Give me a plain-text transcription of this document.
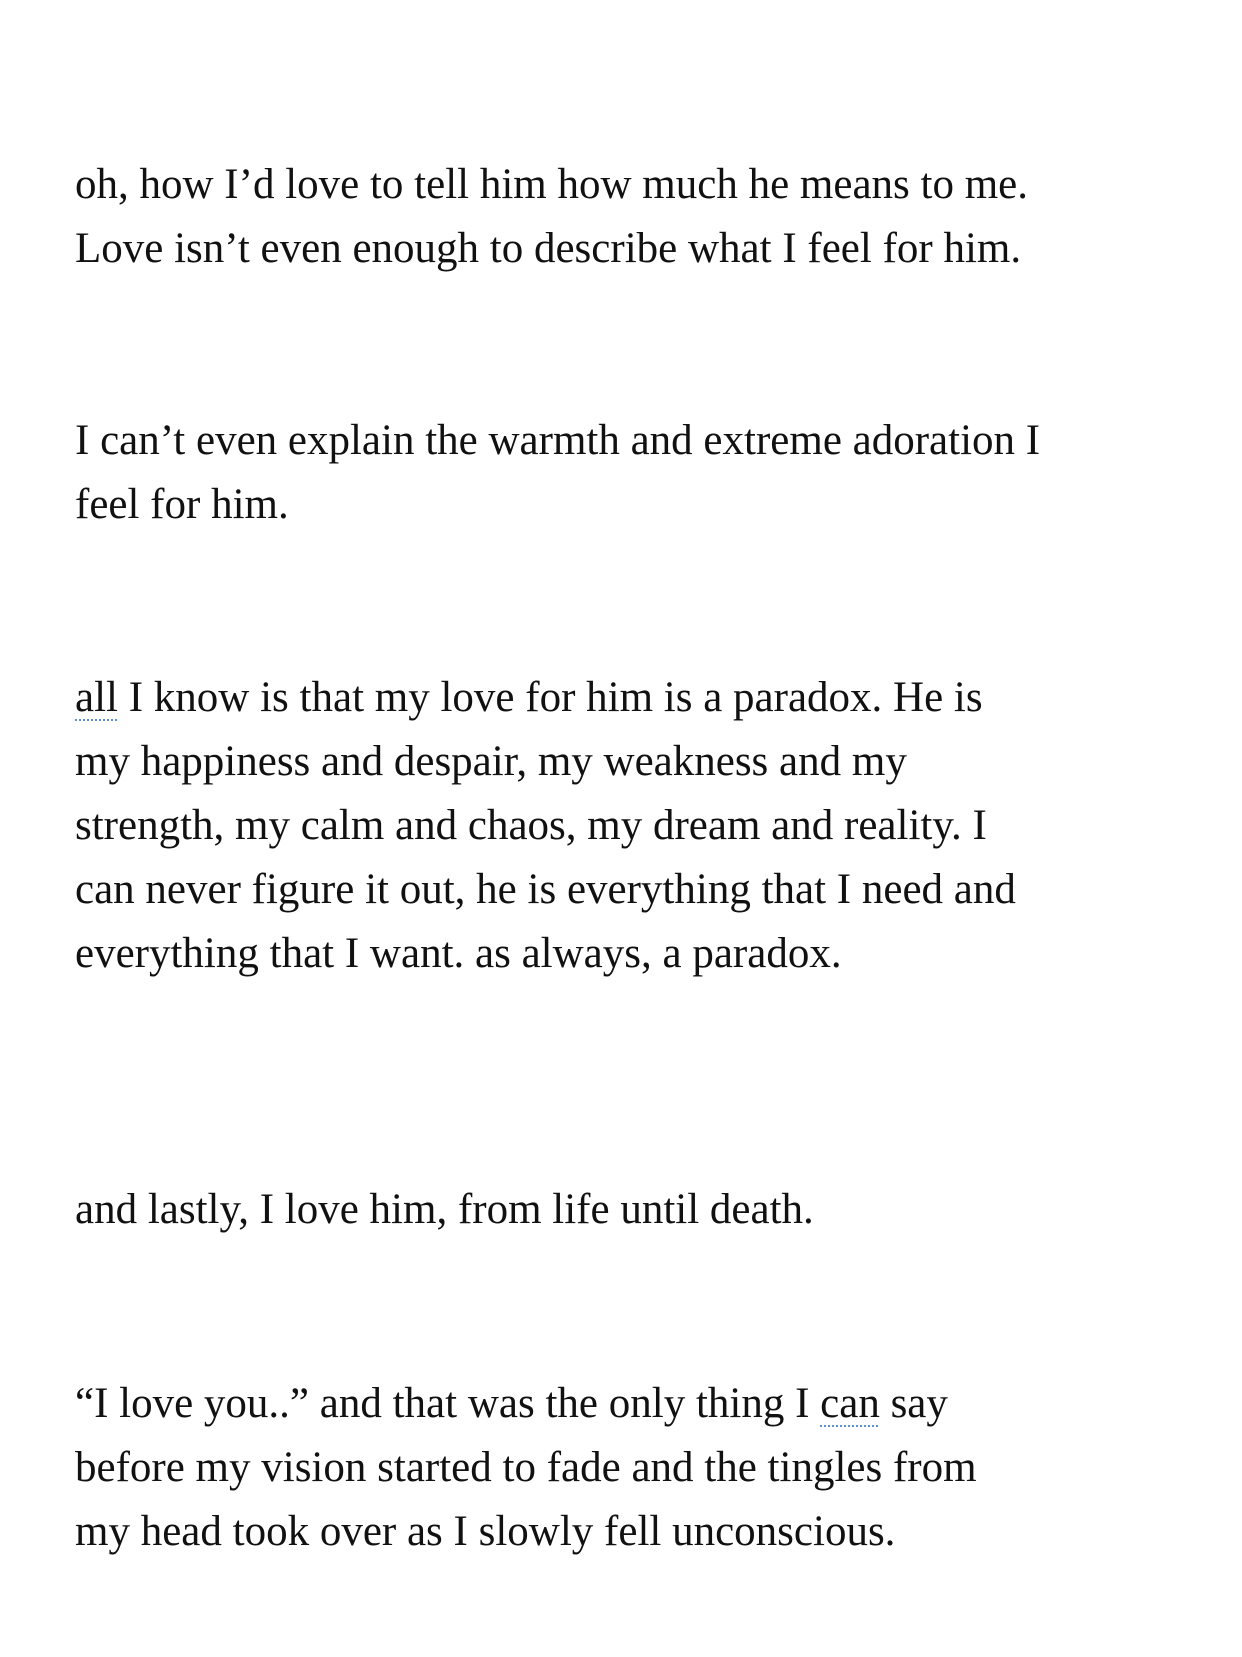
oh, how I’d love to tell him how much he means to me.
Love isn’t even enough to describe what I feel for him.

I can’t even explain the warmth and extreme adoration I
feel for him.

all I know is that my love for him is a paradox. He is
my happiness and despair, my weakness and my
strength, my calm and chaos, my dream and reality. I
can never figure it out, he is everything that I need and
everything that I want. as always, a paradox.

and lastly, I love him, from life until death.

“I love you..” and that was the only thing I can say
before my vision started to fade and the tingles from
my head took over as I slowly fell unconscious.
